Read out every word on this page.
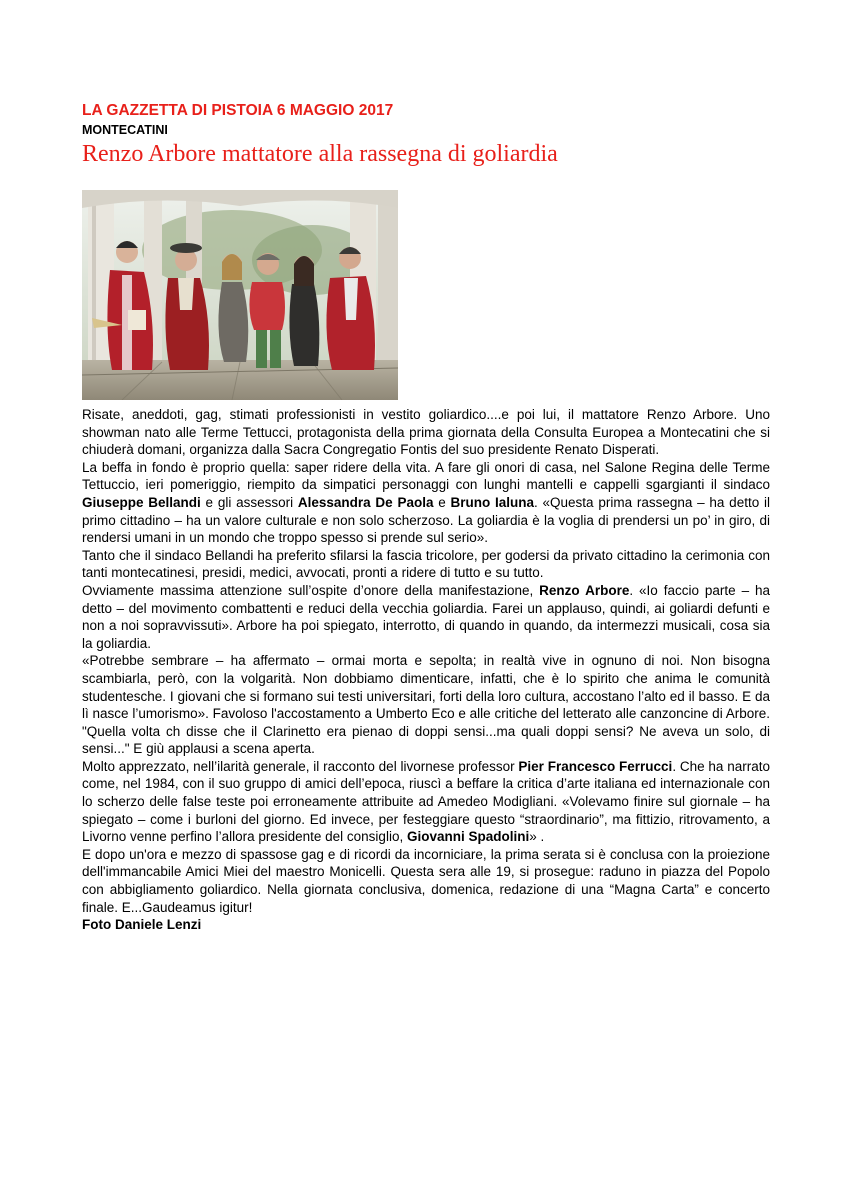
LA GAZZETTA DI PISTOIA 6 MAGGIO 2017
MONTECATINI
Renzo Arbore mattatore alla rassegna di goliardia

Risate, aneddoti, gag, stimati professionisti in vestito goliardico....e poi lui, il mattatore Renzo Arbore. Uno showman nato alle Terme Tettucci, protagonista della prima giornata della Consulta Europea a Montecatini che si chiuderà domani, organizza dalla Sacra Congregatio Fontis del suo presidente Renato Disperati.

La beffa in fondo è proprio quella: saper ridere della vita. A fare gli onori di casa, nel Salone Regina delle Terme Tettuccio, ieri pomeriggio, riempito da simpatici personaggi con lunghi mantelli e cappelli sgargianti il sindaco Giuseppe Bellandi e gli assessori Alessandra De Paola e Bruno Ialuna. «Questa prima rassegna – ha detto il primo cittadino – ha un valore culturale e non solo scherzoso. La goliardia è la voglia di prendersi un po’ in giro, di rendersi umani in un mondo che troppo spesso si prende sul serio».

Tanto che il sindaco Bellandi ha preferito sfilarsi la fascia tricolore, per godersi da privato cittadino la cerimonia con tanti montecatinesi, presidi, medici, avvocati, pronti a ridere di tutto e su tutto.

Ovviamente massima attenzione sull’ospite d’onore della manifestazione, Renzo Arbore. «Io faccio parte – ha detto – del movimento combattenti e reduci della vecchia goliardia. Farei un applauso, quindi, ai goliardi defunti e non a noi sopravvissuti». Arbore ha poi spiegato, interrotto, di quando in quando, da intermezzi musicali, cosa sia la goliardia.

«Potrebbe sembrare – ha affermato – ormai morta e sepolta; in realtà vive in ognuno di noi. Non bisogna scambiarla, però, con la volgarità. Non dobbiamo dimenticare, infatti, che è lo spirito che anima le comunità studentesche. I giovani che si formano sui testi universitari, forti della loro cultura, accostano l’alto ed il basso. E da lì nasce l’umorismo». Favoloso l'accostamento a Umberto Eco e alle critiche del letterato alle canzoncine di Arbore. "Quella volta ch disse che il Clarinetto era pienao di doppi sensi...ma quali doppi sensi? Ne aveva un solo, di sensi..." E giù applausi a scena aperta.

Molto apprezzato, nell’ilarità generale, il racconto del livornese professor Pier Francesco Ferrucci. Che ha narrato come, nel 1984, con il suo gruppo di amici dell’epoca, riuscì a beffare la critica d’arte italiana ed internazionale con lo scherzo delle false teste poi erroneamente attribuite ad Amedeo Modigliani. «Volevamo finire sul giornale – ha spiegato – come i burloni del giorno. Ed invece, per festeggiare questo “straordinario”, ma fittizio, ritrovamento, a Livorno venne perfino l’allora presidente del consiglio, Giovanni Spadolini» .

E dopo un'ora e mezzo di spassose gag e di ricordi da incorniciare, la prima serata si è conclusa con la proiezione dell'immancabile Amici Miei del maestro Monicelli. Questa sera alle 19, si prosegue: raduno in piazza del Popolo con abbigliamento goliardico. Nella giornata conclusiva, domenica, redazione di una “Magna Carta” e concerto finale. E...Gaudeamus igitur!

Foto Daniele Lenzi
